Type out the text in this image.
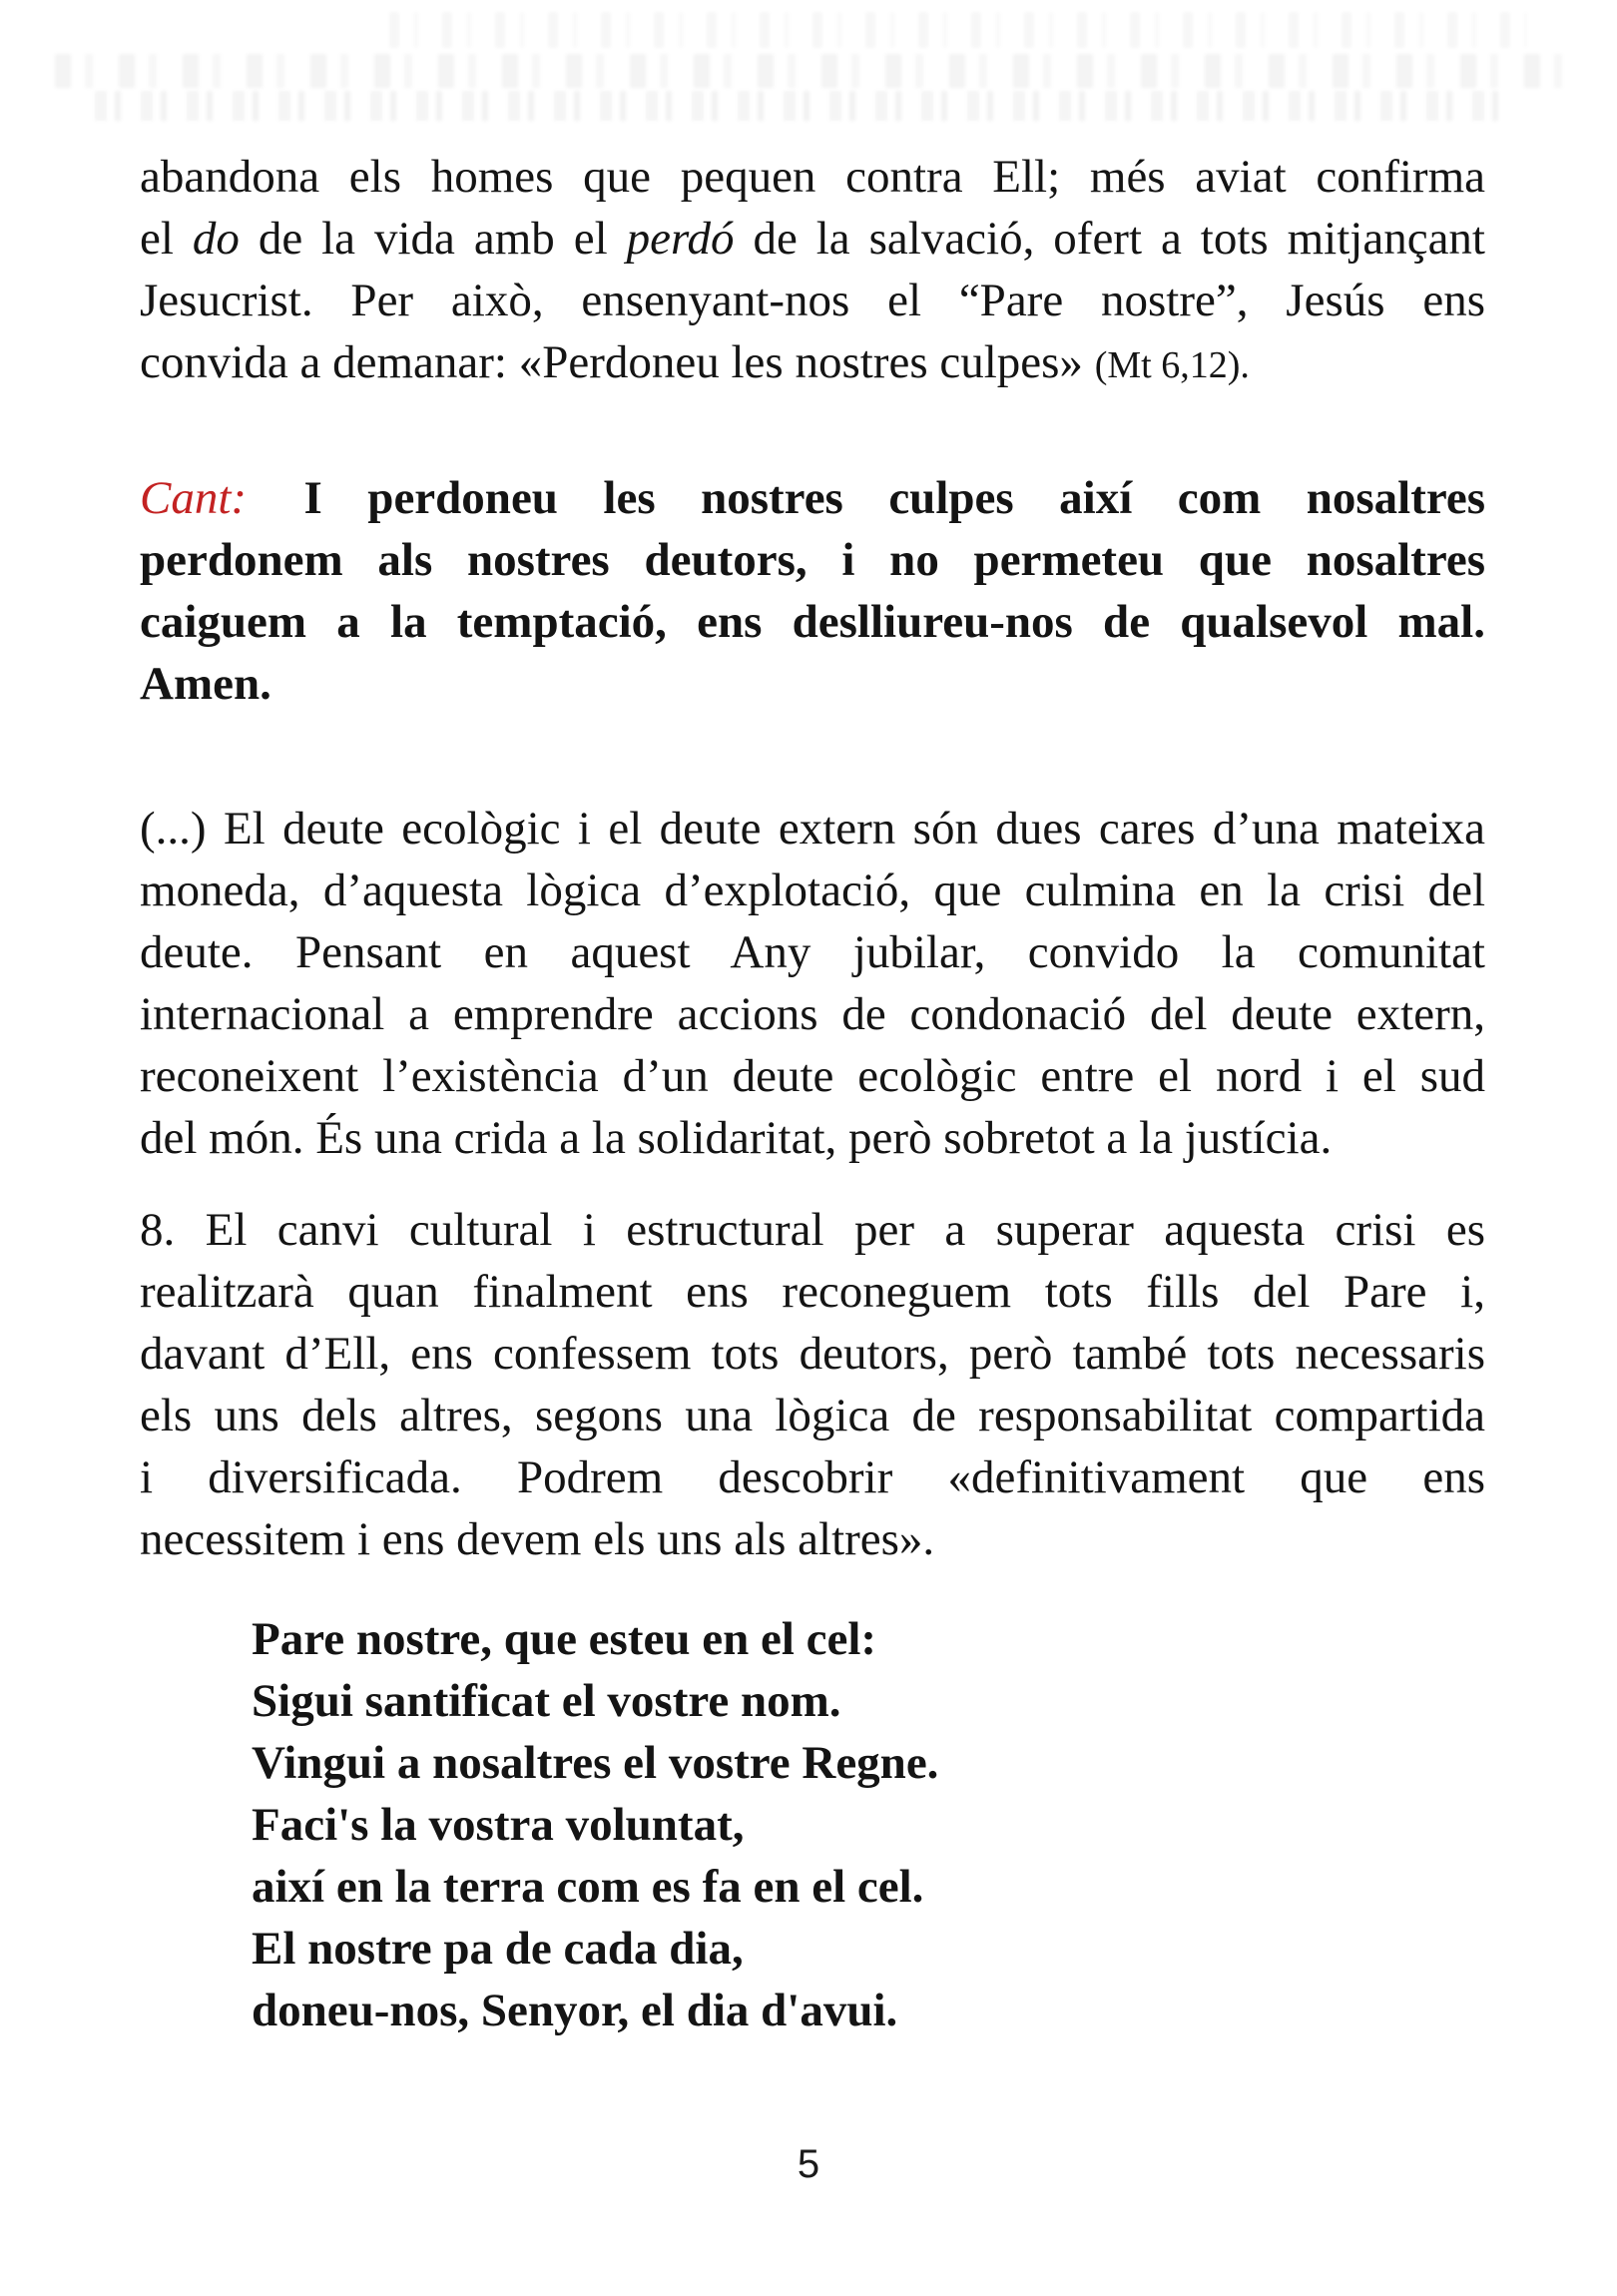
abandona els homes que pequen contra Ell; més aviat confirma

el do de la vida amb el perdó de la salvació, ofert a tots mitjançant

Jesucrist. Per això, ensenyant-nos el “Pare nostre”, Jesús ens

convida a demanar: «Perdoneu les nostres culpes» (Mt 6,12).

Cant: I perdoneu les nostres culpes així com nosaltres

perdonem als nostres deutors, i no permeteu que nosaltres

caiguem a la temptació, ens deslliureu-nos de qualsevol mal.

Amen.

(...) El deute ecològic i el deute extern són dues cares d’una mateixa

moneda, d’aquesta lògica d’explotació, que culmina en la crisi del

deute. Pensant en aquest Any jubilar, convido la comunitat

internacional a emprendre accions de condonació del deute extern,

reconeixent l’existència d’un deute ecològic entre el nord i el sud

del món. És una crida a la solidaritat, però sobretot a la justícia.

8. El canvi cultural i estructural per a superar aquesta crisi es

realitzarà quan finalment ens reconeguem tots fills del Pare i,

davant d’Ell, ens confessem tots deutors, però també tots necessaris

els uns dels altres, segons una lògica de responsabilitat compartida

i diversificada. Podrem descobrir «definitivament que ens

necessitem i ens devem els uns als altres».

Pare nostre, que esteu en el cel:

Sigui santificat el vostre nom.

Vingui a nosaltres el vostre Regne.

Faci's la vostra voluntat,

així en la terra com es fa en el cel.

El nostre pa de cada dia,

doneu-nos, Senyor, el dia d'avui.

5
